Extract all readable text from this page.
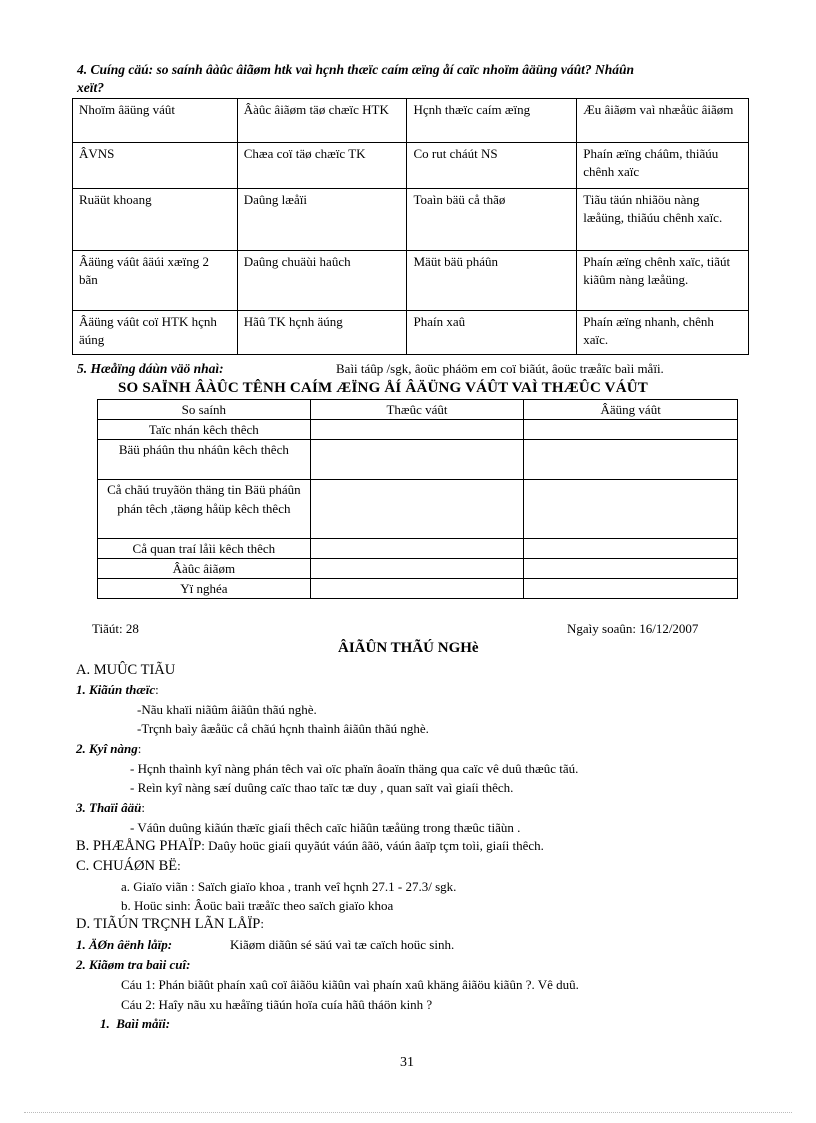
4. Cuíng cäú: so saính âàûc âiãøm htk vaì hçnh thæïc caím æïng åí caïc nhoïm âäüng váût? Nháûn
xeït?
Nhoïm âäüng váût	Âàûc âiãøm täø chæïc HTK	Hçnh thæïc caím æïng	Æu âiãøm vaì nhæåüc âiãøm
ÂVNS	Chæa coï täø chæïc TK	Co rut cháút NS	Phaín æïng cháûm, thiãúu chênh xaïc
Ruäüt khoang	Daûng læåïi	Toaìn bäü cå thãø	Tiãu täún nhiãöu nàng læåüng, thiãúu chênh xaïc.
Âäüng váût âäúi xæïng 2 bãn	Daûng chuäùi haûch	Mäüt bäü pháûn	Phaín æïng chênh xaïc, tiãút kiãûm nàng læåüng.
Âäüng váût coï HTK hçnh äúng	Hãû TK hçnh äúng	Phaín xaû	Phaín æïng nhanh, chênh xaïc.
5. Hæåïng dáùn väö nhaì:	Baìi táûp /sgk, âoüc pháöm em coï biãút, âoüc træåïc baìi måïi.
SO SAÏNH ÂÀÛC TÊNH CAÍM ÆÏNG ÅÍ ÂÄÜNG VÁÛT VAÌ THÆÛC VÁÛT
So saính	Thæûc váût	Âäüng váût
Taïc nhán kêch thêch		
Bäü pháûn thu nháûn kêch thêch		
Cå chãú truyãön thäng tin Bäü pháûn phán têch ,täøng håüp kêch thêch		
Cå quan traí låìi kêch thêch		
Âàûc âiãøm		
Yï nghéa		
Tiãút: 28	Ngaìy soaûn: 16/12/2007
ÂIÃÛN THÃÚ NGHè
A. MUÛC TIÃU
1. Kiãún thæïc:
-Nãu khaïi niãûm âiãûn thãú nghè.
-Trçnh baìy âæåüc cå chãú hçnh thaình âiãûn thãú nghè.
2. Kyî nàng:
- Hçnh thaình kyî nàng phán têch vaì oïc phaïn âoaïn thäng qua caïc vê duû thæûc tãú.
- Reìn kyî nàng sæí duûng caïc thao taïc tæ duy , quan saït vaì giaíi thêch.
3. Thaïi âäü:
- Váûn duûng kiãún thæïc giaíi thêch caïc hiãûn tæåüng trong thæûc tiãùn .
B. PHÆÅNG PHAÏP: Daûy hoüc giaíi quyãút váún âãö, váún âaïp tçm toìi, giaíi thêch.
C. CHUÁØN BË:
a. Giaïo viãn : Saïch giaïo khoa , tranh veî hçnh 27.1 - 27.3/ sgk.
b. Hoüc sinh: Âoüc baìi træåïc theo saïch giaïo khoa
D. TIÃÚN TRÇNH LÃN LÅÏP:
1. ÄØn âënh låïp:	Kiãøm diãûn sé säú vaì tæ caïch hoüc sinh.
2. Kiãøm tra baìi cuî:
Cáu 1: Phán biãût phaín xaû coï âiãöu kiãûn vaì phaín xaû khäng âiãöu kiãûn ?. Vê duû.
Cáu 2: Haîy nãu xu hæåïng tiãún hoïa cuía hãû tháön kinh ?
1. Baìi måïi:
31
